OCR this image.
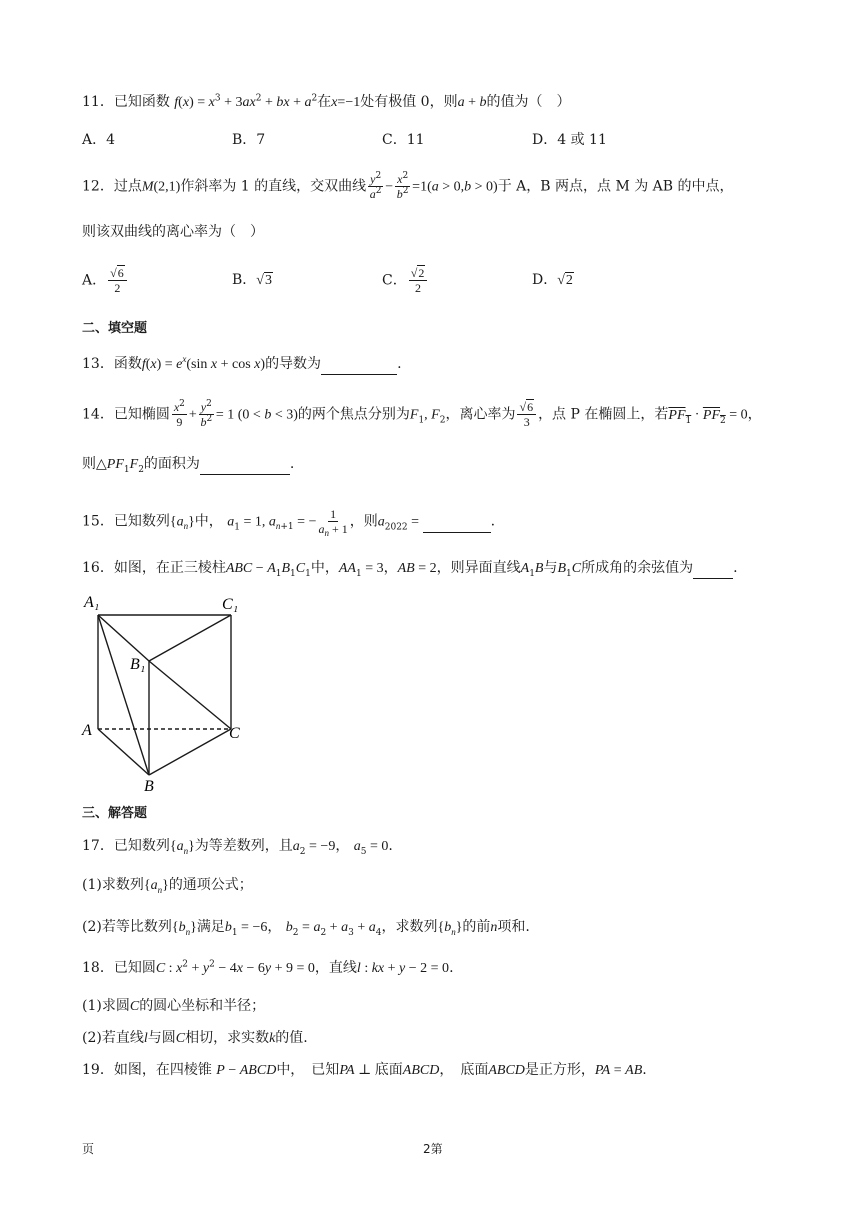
11．已知函数 $f(x) = x^3 + 3ax^2$ + bx + $a^2$在x=−1处有极值 0，则a + b的值为（　）
A．4	B．7	C．11	D．4 或 11
12．过点M(2,1)作斜率为 1 的直线，交双曲线 $\frac{y^2}{a^2} - \frac{x^2}{b^2} =1(a > 0,b > 0)$于 A，B 两点，点 M 为 AB 的中点，
则该双曲线的离心率为（　）
A． $\frac{√6}{2}$	B．√3	C． $\frac{√2}{2}$	D．√2
二、填空题
13．函数$f(x) = e^x(\sin$ x + cos x)的导数为	.
14．已知椭圆 $\frac{x^2}{9} + \frac{y^2}{b^2} = 1$ (0 < b < 3)的两个焦点分别为$F_1$, $F_2$，离心率为 $\frac{√6}{3}$ ，点 P 在椭圆上，若$PF_1 \cdot PF_2 = 0$，
则$\triangle PF_1F_2$的面积为	.
15．已知数列$\{a_n\}$中， $a_1 = 1$, $a_{n+1}$ = − $\frac{1}{a_n + 1}$ ，则$a_{2022}$ =	.
16．如图，在正三棱柱ABC − $A_1B_1C_1$中，$AA_1 = 3$，AB = 2，则异面直线$A_1B$与$B_1C$所成角的余弦值为	.
A₁	C₁
B₁
A	C
B
三、解答题
17．已知数列$\{a_n\}$为等差数列，且$a_2 = -9$， $a_5 = 0$.
(1)求数列$\{a_n\}$的通项公式；
(2)若等比数列$\{b_n\}$满足$b_1 = -6$， $b_2 = a_2 + a_3 + a_4$，求数列$\{b_n\}$的前n项和.
18．已知圆C : $x^2 + y^2 - 4x - 6y + 9 = 0$，直线l : kx + y − 2 = 0.
(1)求圆C的圆心坐标和半径；
(2)若直线l与圆C相切，求实数k的值.
19．如图，在四棱锥 P − ABCD中，　已知PA ⊥ 底面ABCD，　底面ABCD是正方形，PA = AB.
页	2第
